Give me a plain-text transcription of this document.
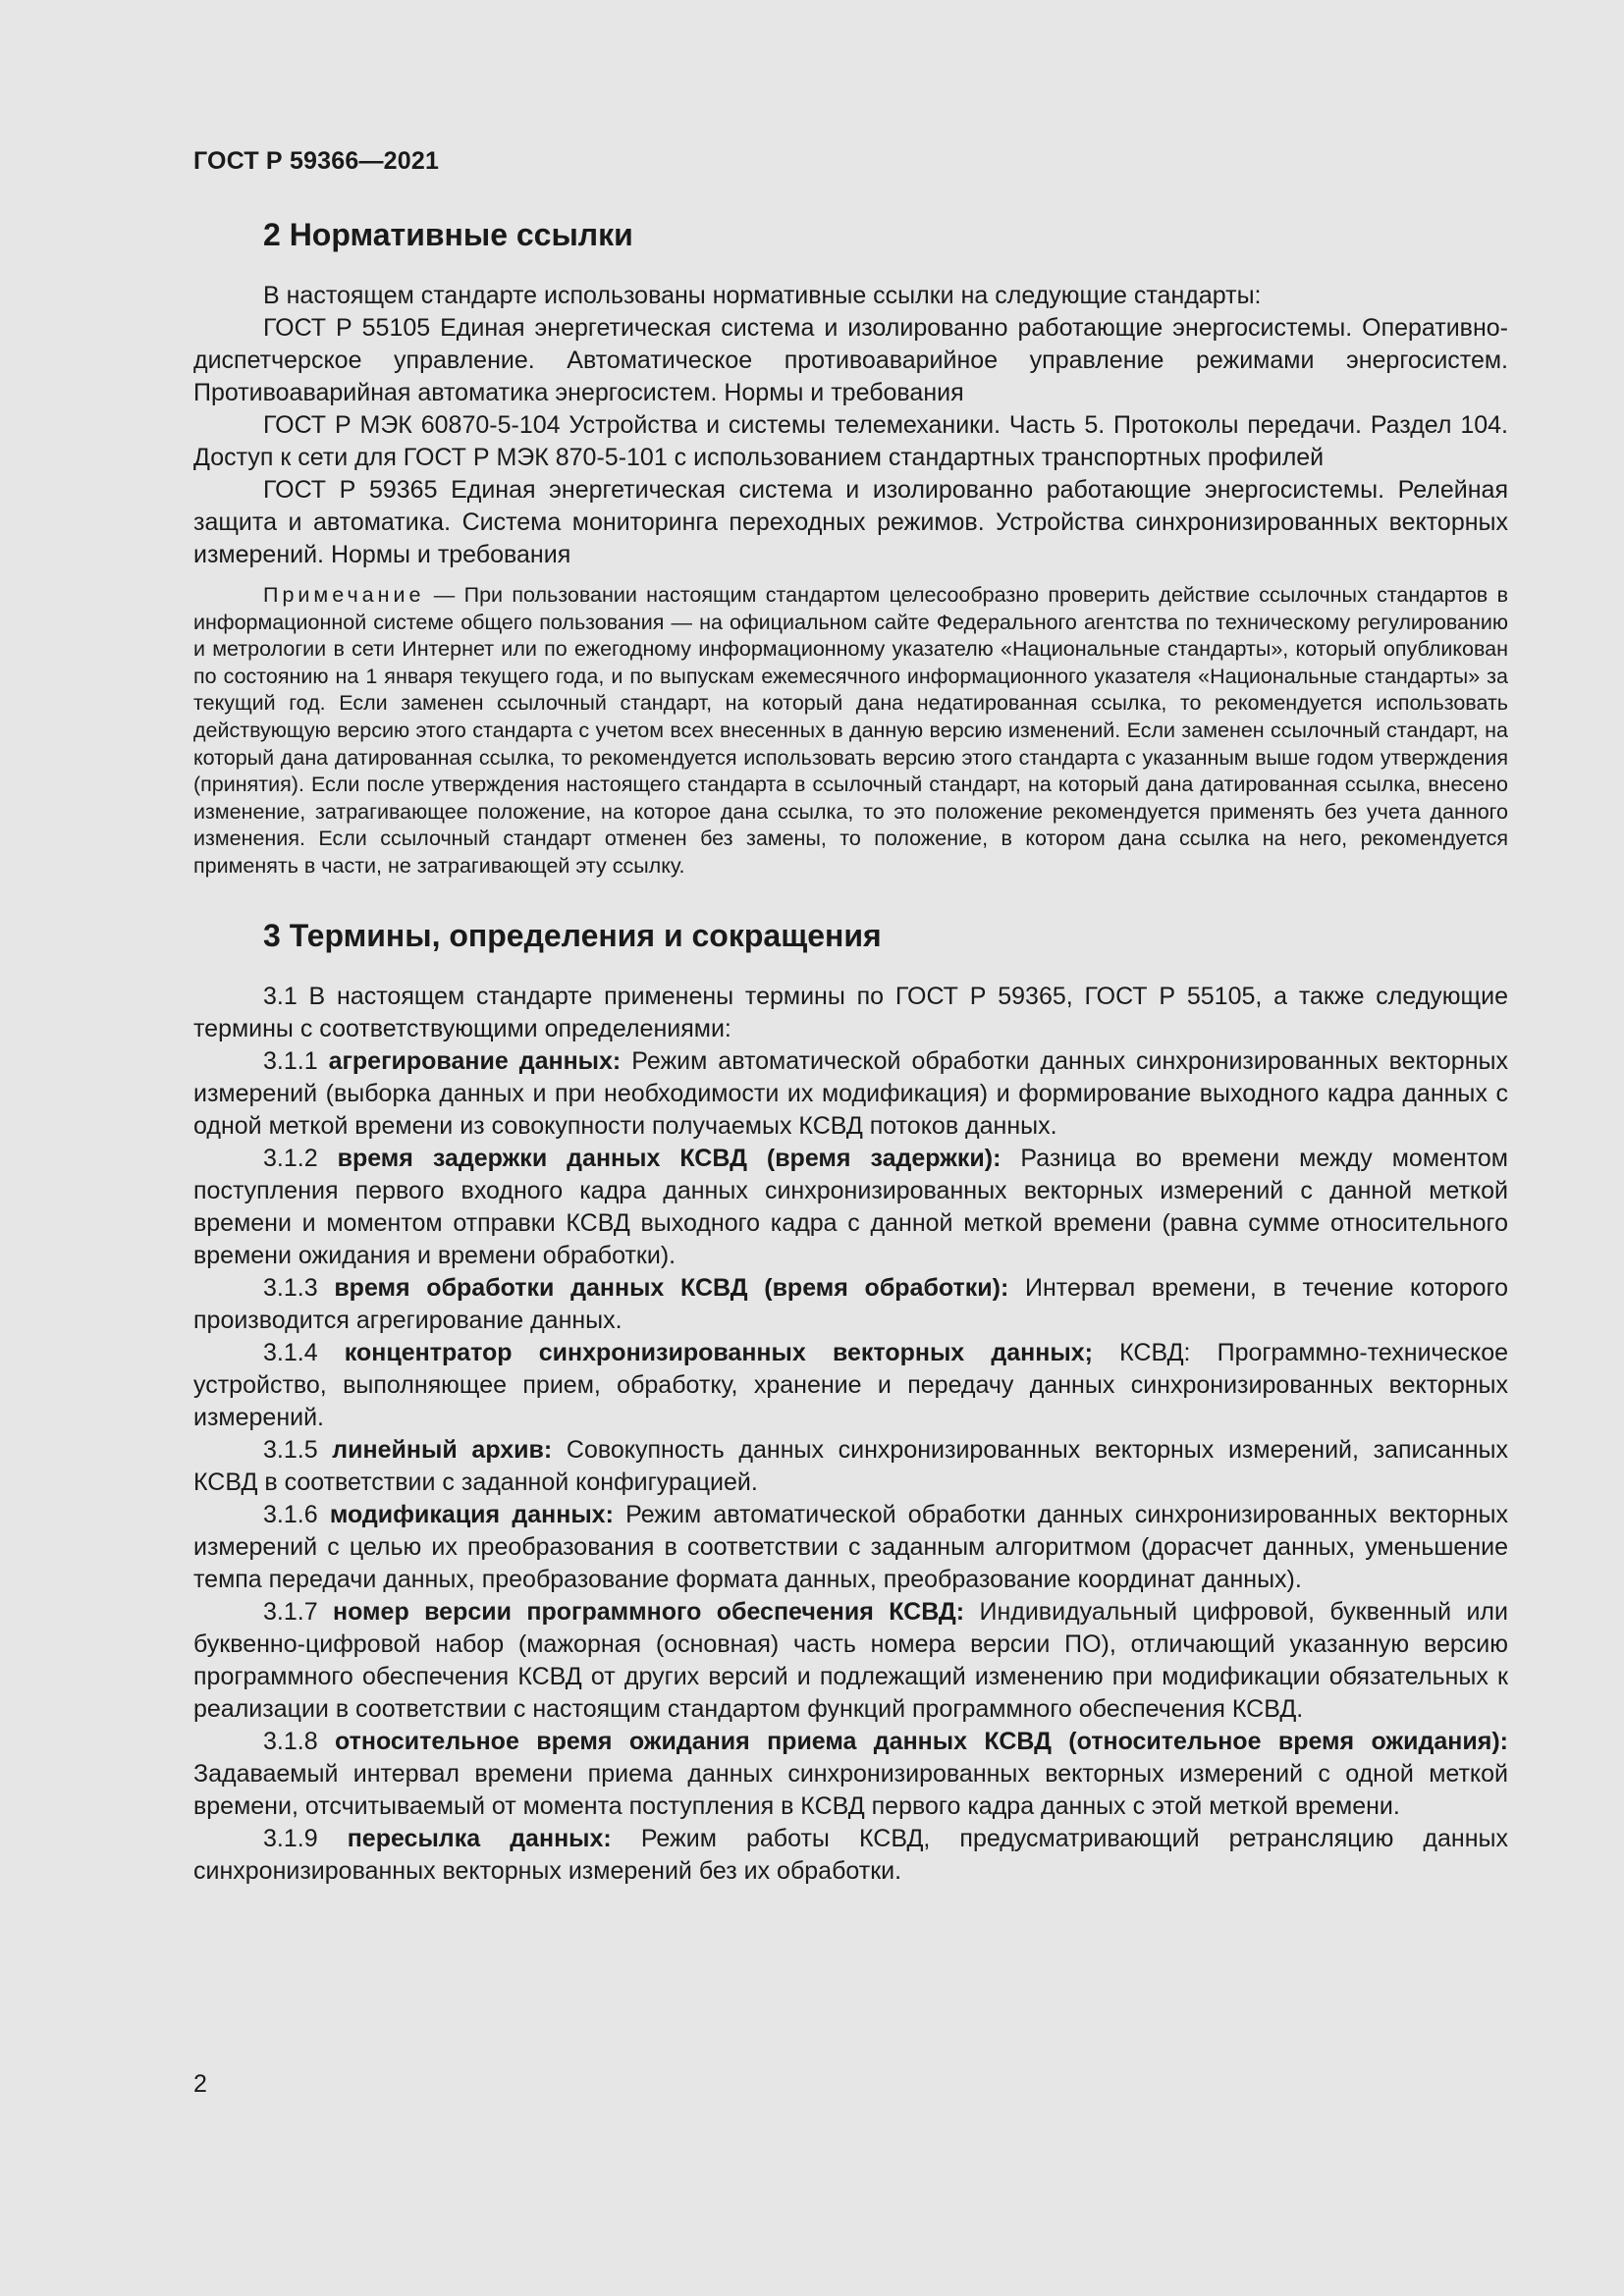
ГОСТ Р 59366—2021
2 Нормативные ссылки

В настоящем стандарте использованы нормативные ссылки на следующие стандарты:

ГОСТ Р 55105 Единая энергетическая система и изолированно работающие энергосистемы. Оперативно-диспетчерское управление. Автоматическое противоаварийное управление режимами энергосистем. Противоаварийная автоматика энергосистем. Нормы и требования

ГОСТ Р МЭК 60870-5-104 Устройства и системы телемеханики. Часть 5. Протоколы передачи. Раздел 104. Доступ к сети для ГОСТ Р МЭК 870-5-101 с использованием стандартных транспортных профилей

ГОСТ Р 59365 Единая энергетическая система и изолированно работающие энергосистемы. Релейная защита и автоматика. Система мониторинга переходных режимов. Устройства синхронизированных векторных измерений. Нормы и требования

Примечание — При пользовании настоящим стандартом целесообразно проверить действие ссылочных стандартов в информационной системе общего пользования — на официальном сайте Федерального агентства по техническому регулированию и метрологии в сети Интернет или по ежегодному информационному указателю «Национальные стандарты», который опубликован по состоянию на 1 января текущего года, и по выпускам ежемесячного информационного указателя «Национальные стандарты» за текущий год. Если заменен ссылочный стандарт, на который дана недатированная ссылка, то рекомендуется использовать действующую версию этого стандарта с учетом всех внесенных в данную версию изменений. Если заменен ссылочный стандарт, на который дана датированная ссылка, то рекомендуется использовать версию этого стандарта с указанным выше годом утверждения (принятия). Если после утверждения настоящего стандарта в ссылочный стандарт, на который дана датированная ссылка, внесено изменение, затрагивающее положение, на которое дана ссылка, то это положение рекомендуется применять без учета данного изменения. Если ссылочный стандарт отменен без замены, то положение, в котором дана ссылка на него, рекомендуется применять в части, не затрагивающей эту ссылку.

3 Термины, определения и сокращения

3.1 В настоящем стандарте применены термины по ГОСТ Р 59365, ГОСТ Р 55105, а также следующие термины с соответствующими определениями:

3.1.1 агрегирование данных: Режим автоматической обработки данных синхронизированных векторных измерений (выборка данных и при необходимости их модификация) и формирование выходного кадра данных с одной меткой времени из совокупности получаемых КСВД потоков данных.

3.1.2 время задержки данных КСВД (время задержки): Разница во времени между моментом поступления первого входного кадра данных синхронизированных векторных измерений с данной меткой времени и моментом отправки КСВД выходного кадра с данной меткой времени (равна сумме относительного времени ожидания и времени обработки).

3.1.3 время обработки данных КСВД (время обработки): Интервал времени, в течение которого производится агрегирование данных.

3.1.4 концентратор синхронизированных векторных данных; КСВД: Программно-техническое устройство, выполняющее прием, обработку, хранение и передачу данных синхронизированных векторных измерений.

3.1.5 линейный архив: Совокупность данных синхронизированных векторных измерений, записанных КСВД в соответствии с заданной конфигурацией.

3.1.6 модификация данных: Режим автоматической обработки данных синхронизированных векторных измерений с целью их преобразования в соответствии с заданным алгоритмом (дорасчет данных, уменьшение темпа передачи данных, преобразование формата данных, преобразование координат данных).

3.1.7 номер версии программного обеспечения КСВД: Индивидуальный цифровой, буквенный или буквенно-цифровой набор (мажорная (основная) часть номера версии ПО), отличающий указанную версию программного обеспечения КСВД от других версий и подлежащий изменению при модификации обязательных к реализации в соответствии с настоящим стандартом функций программного обеспечения КСВД.

3.1.8 относительное время ожидания приема данных КСВД (относительное время ожидания): Задаваемый интервал времени приема данных синхронизированных векторных измерений с одной меткой времени, отсчитываемый от момента поступления в КСВД первого кадра данных с этой меткой времени.

3.1.9 пересылка данных: Режим работы КСВД, предусматривающий ретрансляцию данных синхронизированных векторных измерений без их обработки.

2
